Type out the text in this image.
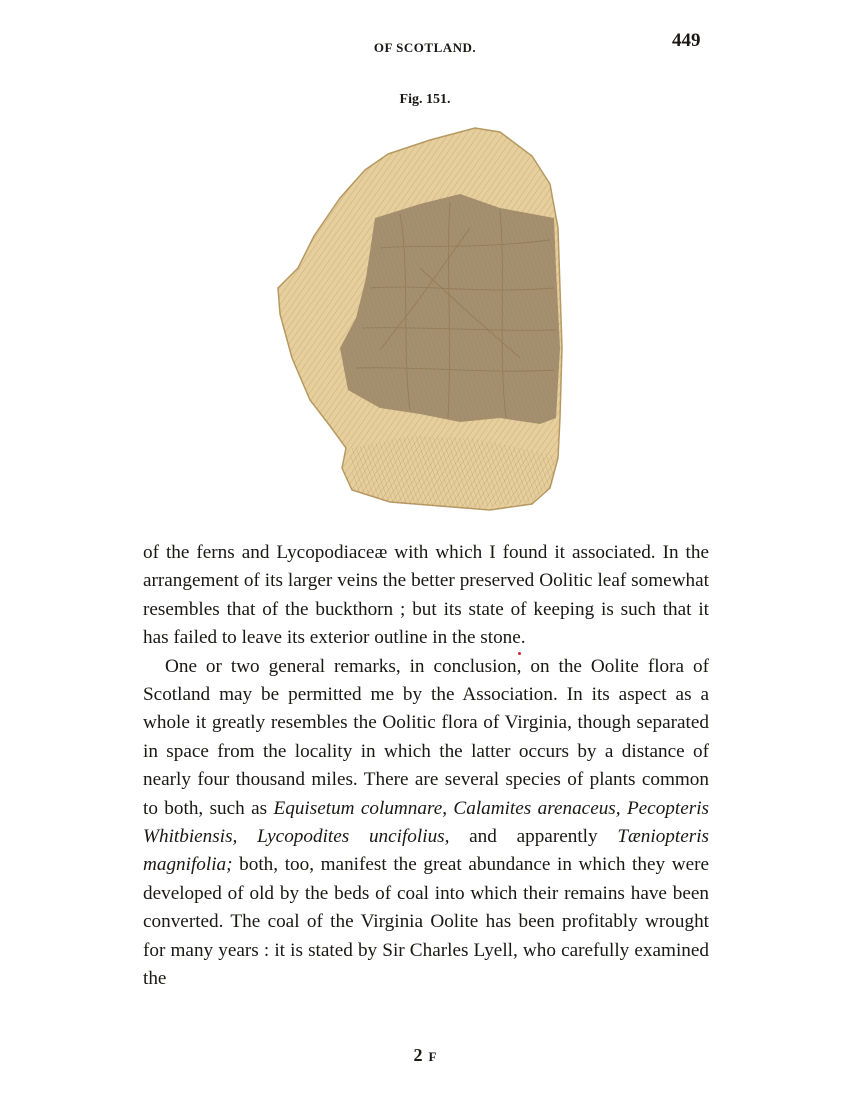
OF SCOTLAND.	449
Fig. 151.

of the ferns and Lycopodiaceæ with which I found it associated. In the arrangement of its larger veins the better preserved Oolitic leaf somewhat resembles that of the buckthorn ; but its state of keeping is such that it has failed to leave its exterior outline in the stone.

One or two general remarks, in conclusion, on the Oolite flora of Scotland may be permitted me by the Association. In its aspect as a whole it greatly resembles the Oolitic flora of Virginia, though separated in space from the locality in which the latter occurs by a distance of nearly four thousand miles. There are several species of plants common to both, such as Equisetum columnare, Calamites arenaceus, Pecopteris Whitbiensis, Lycopodites uncifolius, and apparently Tæniopteris magnifolia; both, too, manifest the great abundance in which they were developed of old by the beds of coal into which their remains have been converted. The coal of the Virginia Oolite has been profitably wrought for many years : it is stated by Sir Charles Lyell, who carefully examined the

2 F
